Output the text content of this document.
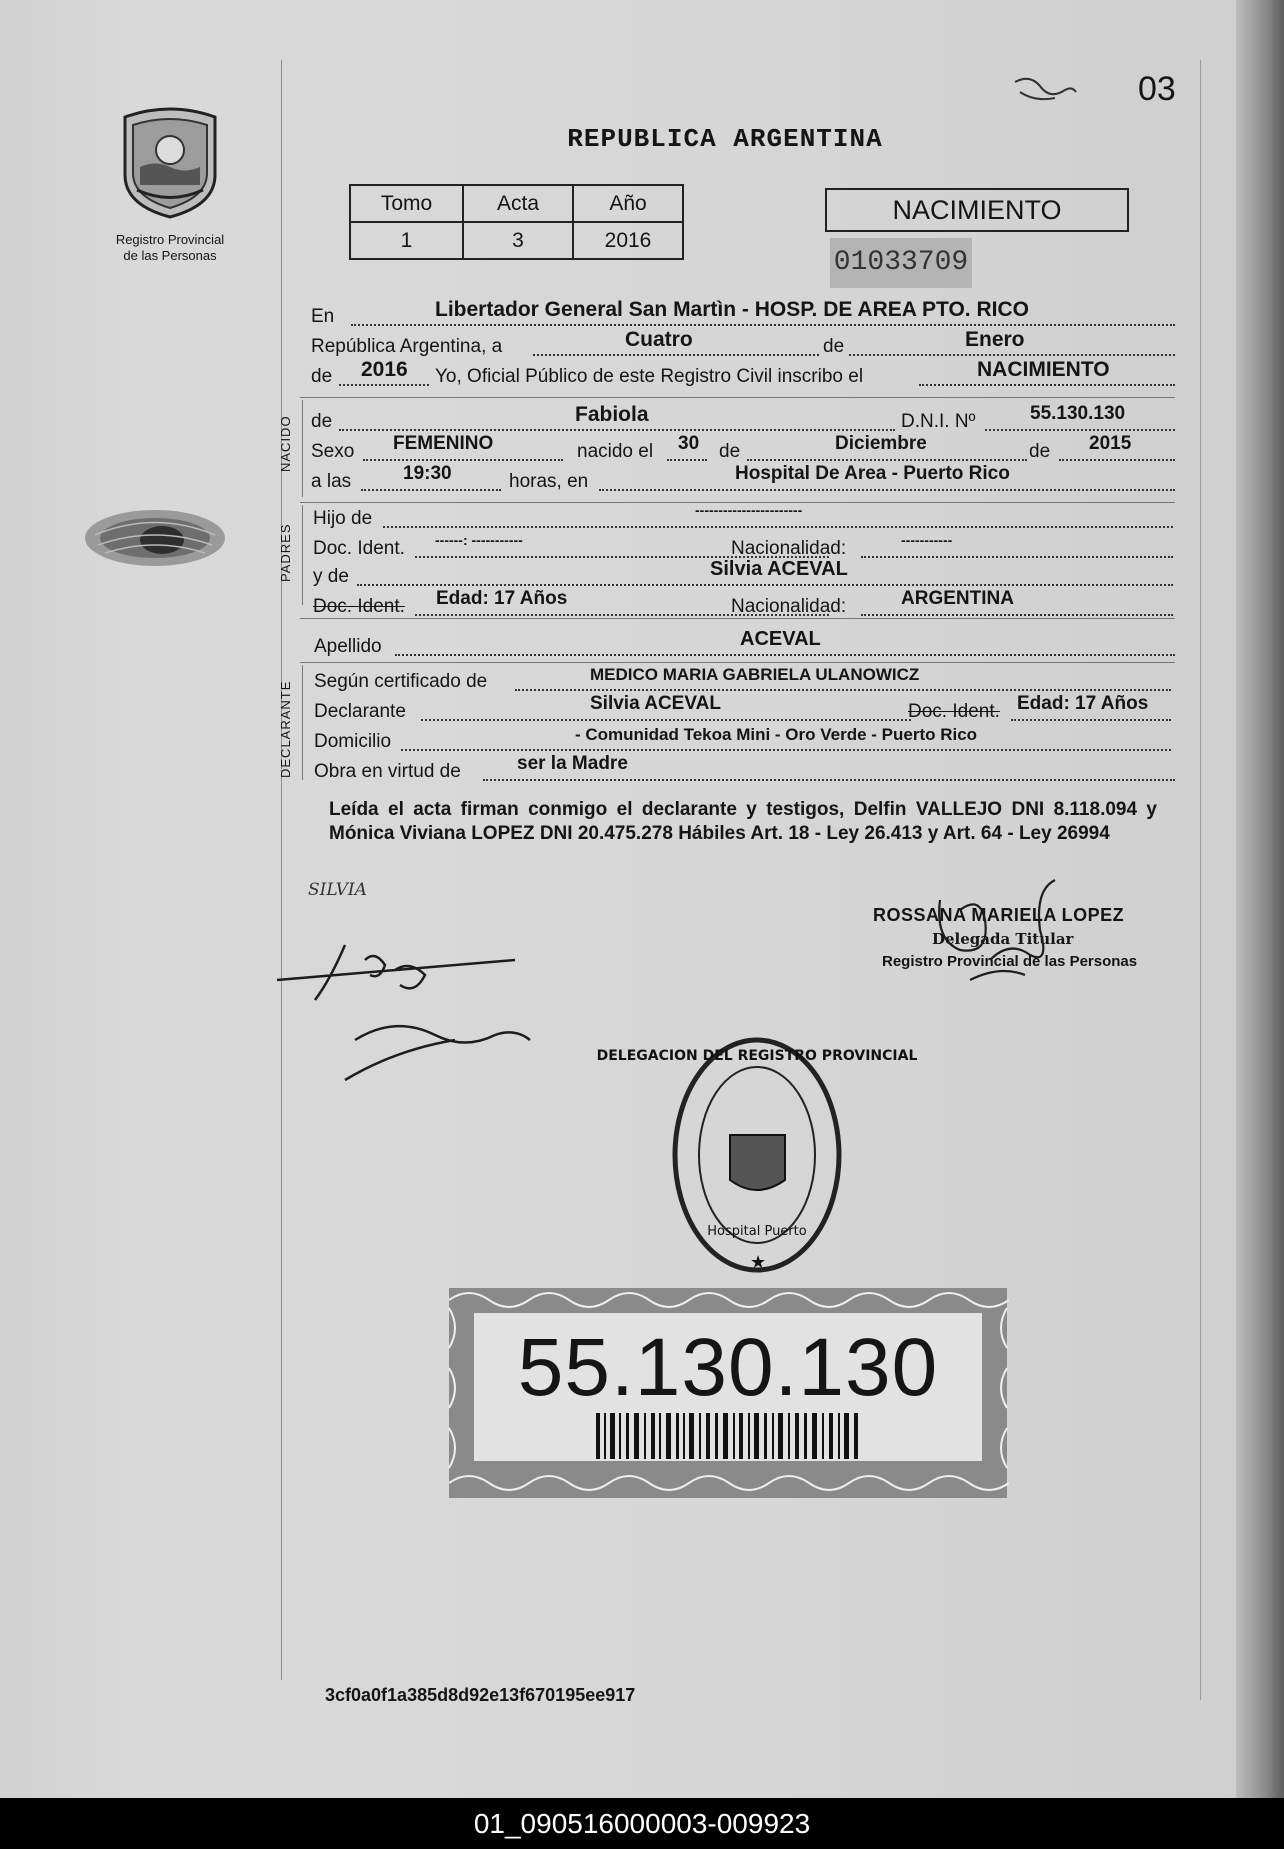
Registro Provincial
de las Personas
03
REPUBLICA ARGENTINA
Tomo	Acta	Año
1	3	2016
NACIMIENTO
01033709
En	Libertador General San Martìn - HOSP. DE AREA PTO. RICO
República Argentina, a	Cuatro	de	Enero
de 2016 Yo, Oficial Público de este Registro Civil inscribo el	NACIMIENTO
NACIDO de	Fabiola	D.N.I. Nº	55.130.130
Sexo FEMENINO	nacido el 30 de	Diciembre	de 2015
a las	19:30	horas, en	Hospital De Area - Puerto Rico
PADRES
Hijo de	-----------------------
Doc. Ident. ------: -----------	Nacionalidad:	-----------
y de	Silvia ACEVAL
Doc. Ident. Edad: 17 Años	Nacionalidad:	ARGENTINA
Apellido	ACEVAL
DECLARANTE Según certificado de	MEDICO MARIA GABRIELA ULANOWICZ
Declarante	Silvia ACEVAL	Doc. Ident. Edad: 17 Años
Domicilio	- Comunidad Tekoa Mini - Oro Verde - Puerto Rico
Obra en virtud de	ser la Madre
Leída el acta firman conmigo el declarante y testigos, Delfin VALLEJO DNI 8.118.094 y Mónica Viviana LOPEZ DNI 20.475.278 Hábiles Art. 18 - Ley 26.413 y Art. 64 - Ley 26994
SILVIA
ROSSANA MARIELA LOPEZ
Delegada Titular
Registro Provincial de las Personas
DELEGACION DEL REGISTRO PROVINCIAL
Hospital Puerto
★
55.130.130
3cf0a0f1a385d8d92e13f670195ee917
01_090516000003-009923
